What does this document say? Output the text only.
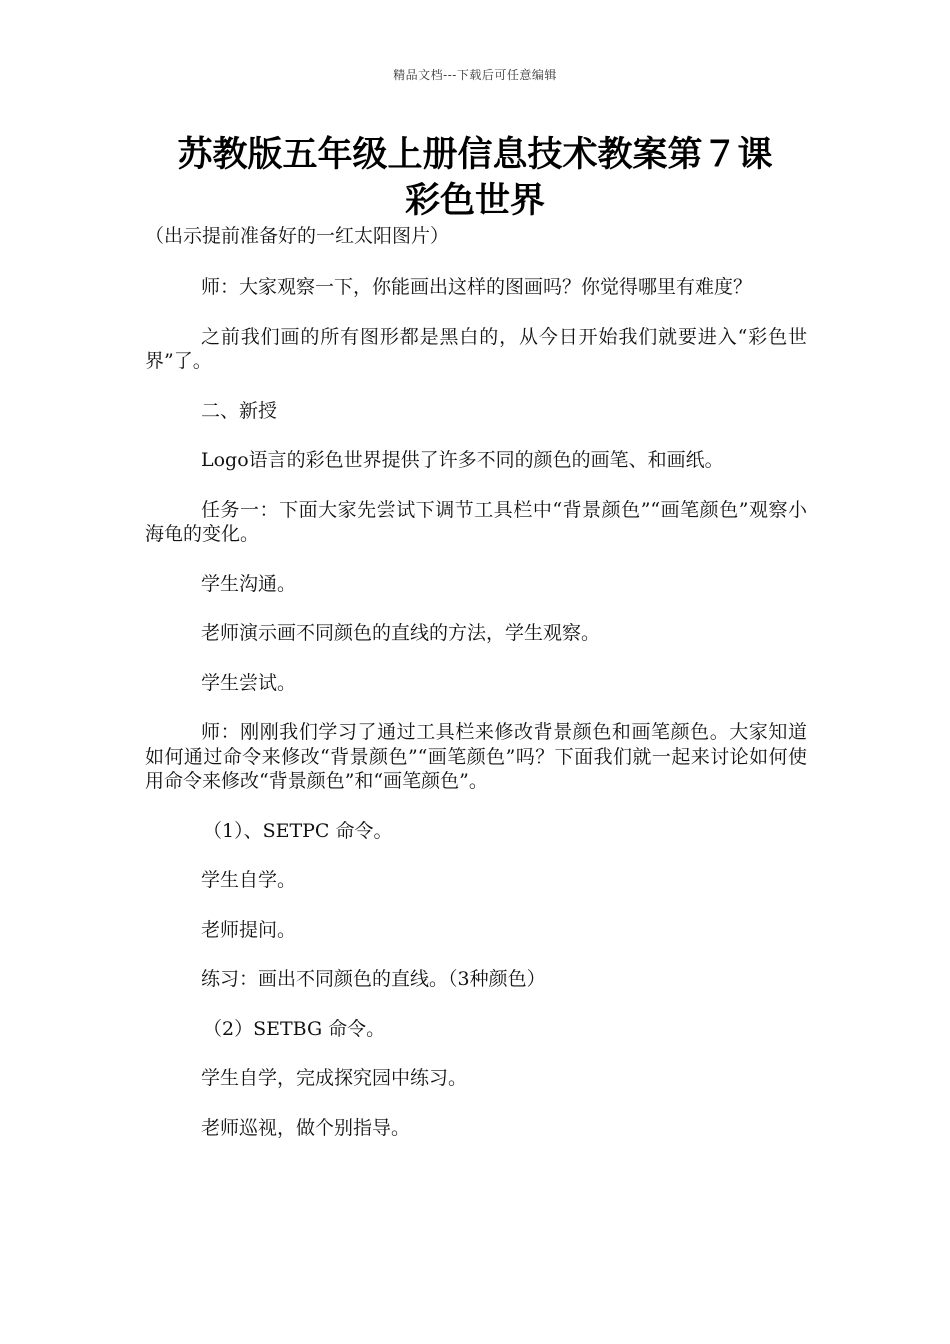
精品文档---下载后可任意编辑
苏教版五年级上册信息技术教案第７课
彩色世界
（出示提前准备好的一红太阳图片）

师：大家观察一下，你能画出这样的图画吗？你觉得哪里有难度？

之前我们画的所有图形都是黑白的，从今日开始我们就要进入“彩色世界”了。

二、新授

Logo语言的彩色世界提供了许多不同的颜色的画笔、和画纸。

任务一：下面大家先尝试下调节工具栏中“背景颜色”“画笔颜色”观察小海龟的变化。

学生沟通。

老师演示画不同颜色的直线的方法，学生观察。

学生尝试。

师：刚刚我们学习了通过工具栏来修改背景颜色和画笔颜色。大家知道如何通过命令来修改“背景颜色”“画笔颜色”吗？下面我们就一起来讨论如何使用命令来修改“背景颜色”和“画笔颜色”。

（1）、SETPC 命令。

学生自学。

老师提问。

练习：画出不同颜色的直线。（3种颜色）

（2）SETBG 命令。

学生自学，完成探究园中练习。

老师巡视，做个别指导。
